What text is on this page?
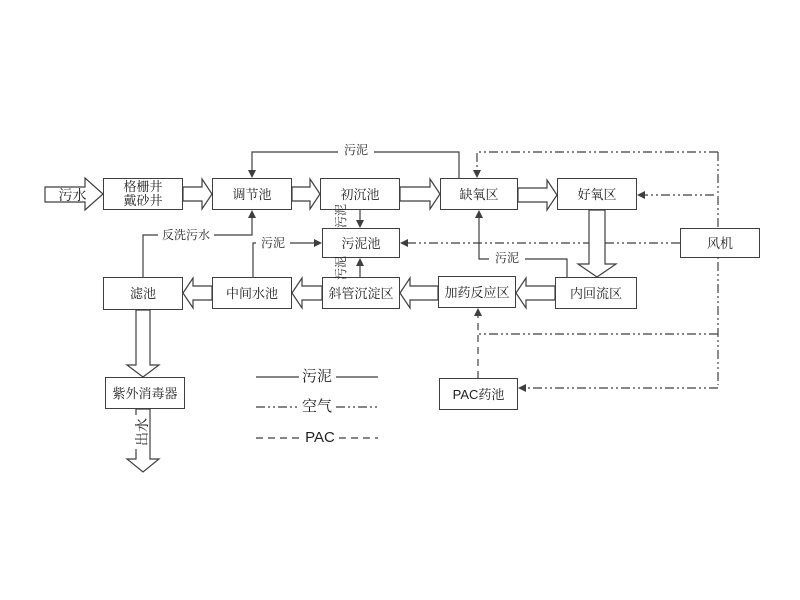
格栅井
戴砂井	调节池	初沉池	缺氧区	好氧区
风机
污泥池
滤池	中间水池	斜管沉淀区	加药反应区	内回流区
紫外消毒器	PAC药池
污水
污泥
反洗污水
污泥
污泥
污泥
污泥
出水
污泥
空气
PAC
